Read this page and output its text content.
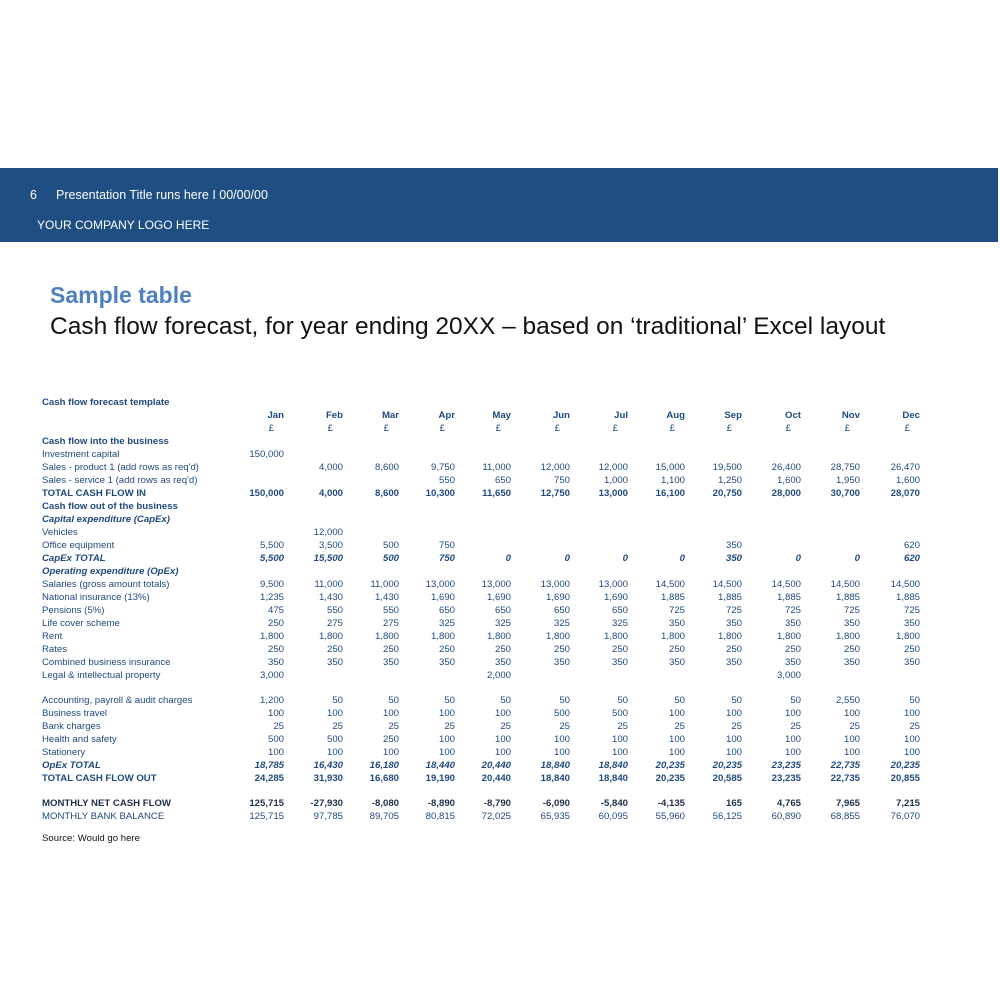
6 Presentation Title runs here I 00/00/00
YOUR COMPANY LOGO HERE
Sample table
Cash flow forecast, for year ending 20XX – based on ‘traditional’ Excel layout
Cash flow forecast template												
	Jan	Feb	Mar	Apr	May	Jun	Jul	Aug	Sep	Oct	Nov	Dec
	£	£	£	£	£	£	£	£	£	£	£	£
Cash flow into the business												
Investment capital	150,000											
Sales - product 1 (add rows as req'd)		4,000	8,600	9,750	11,000	12,000	12,000	15,000	19,500	26,400	28,750	26,470
Sales - service 1 (add rows as req'd)				550	650	750	1,000	1,100	1,250	1,600	1,950	1,600
TOTAL CASH FLOW IN	150,000	4,000	8,600	10,300	11,650	12,750	13,000	16,100	20,750	28,000	30,700	28,070
Cash flow out of the business												
Capital expenditure (CapEx)												
Vehicles		12,000										
Office equipment	5,500	3,500	500	750					350			620
CapEx TOTAL	5,500	15,500	500	750	0	0	0	0	350	0	0	620
Operating expenditure (OpEx)												
Salaries (gross amount totals)	9,500	11,000	11,000	13,000	13,000	13,000	13,000	14,500	14,500	14,500	14,500	14,500
National insurance (13%)	1,235	1,430	1,430	1,690	1,690	1,690	1,690	1,885	1,885	1,885	1,885	1,885
Pensions (5%)	475	550	550	650	650	650	650	725	725	725	725	725
Life cover scheme	250	275	275	325	325	325	325	350	350	350	350	350
Rent	1,800	1,800	1,800	1,800	1,800	1,800	1,800	1,800	1,800	1,800	1,800	1,800
Rates	250	250	250	250	250	250	250	250	250	250	250	250
Combined business insurance	350	350	350	350	350	350	350	350	350	350	350	350
Legal & intellectual property	3,000				2,000					3,000		

Accounting, payroll & audit charges	1,200	50	50	50	50	50	50	50	50	50	2,550	50
Business travel	100	100	100	100	100	500	500	100	100	100	100	100
Bank charges	25	25	25	25	25	25	25	25	25	25	25	25
Health and safety	500	500	250	100	100	100	100	100	100	100	100	100
Stationery	100	100	100	100	100	100	100	100	100	100	100	100
OpEx TOTAL	18,785	16,430	16,180	18,440	20,440	18,840	18,840	20,235	20,235	23,235	22,735	20,235
TOTAL CASH FLOW OUT	24,285	31,930	16,680	19,190	20,440	18,840	18,840	20,235	20,585	23,235	22,735	20,855

MONTHLY NET CASH FLOW	125,715	-27,930	-8,080	-8,890	-8,790	-6,090	-5,840	-4,135	165	4,765	7,965	7,215
MONTHLY BANK BALANCE	125,715	97,785	89,705	80,815	72,025	65,935	60,095	55,960	56,125	60,890	68,855	76,070
Source: Would go here
